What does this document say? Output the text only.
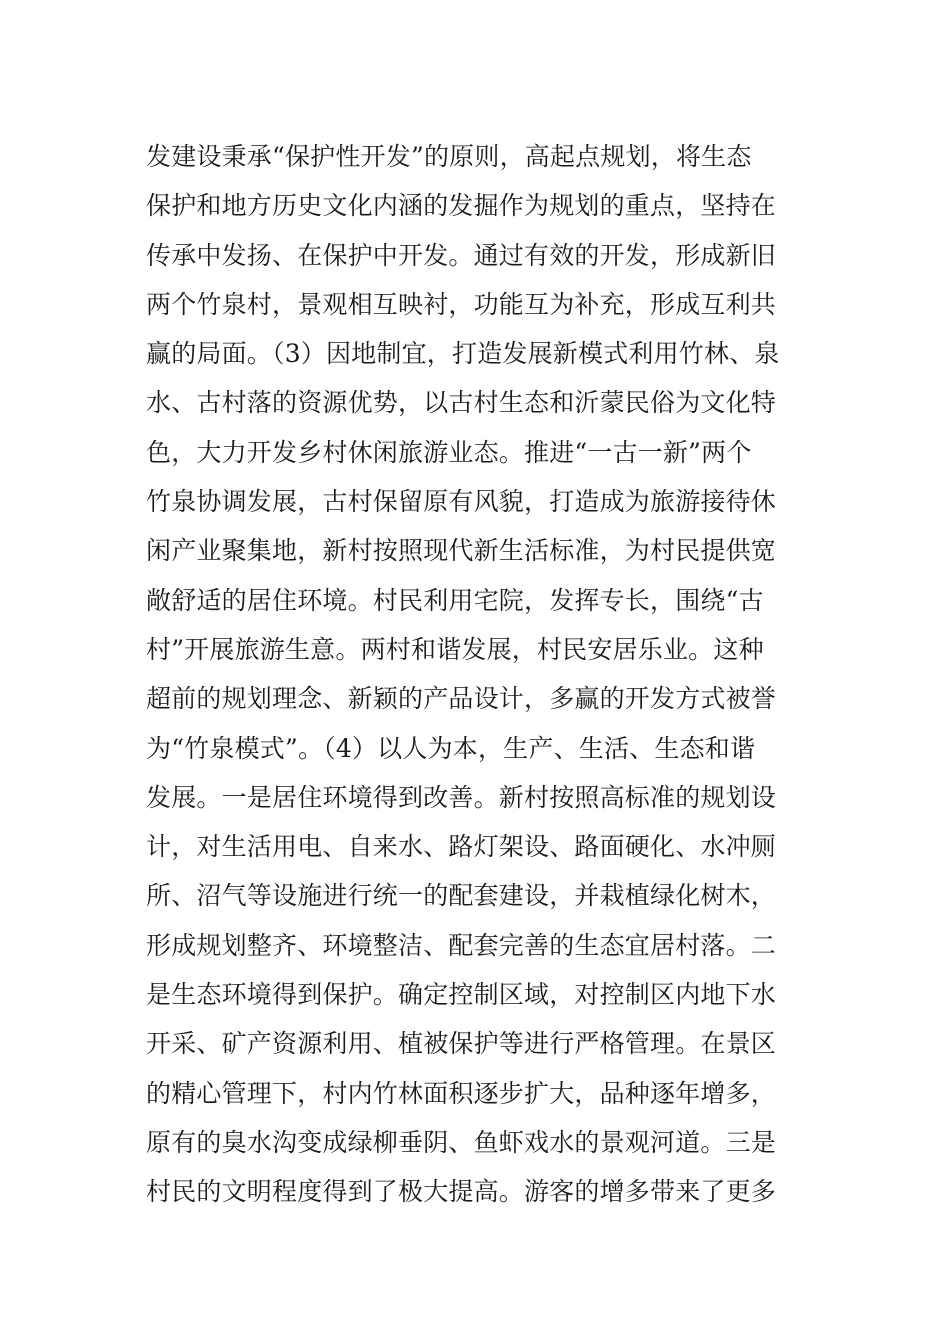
发建设秉承“保护性开发”的原则，高起点规划，将生态
保护和地方历史文化内涵的发掘作为规划的重点，坚持在
传承中发扬、在保护中开发。通过有效的开发，形成新旧
两个竹泉村，景观相互映衬，功能互为补充，形成互利共
赢的局面。（3）因地制宜，打造发展新模式利用竹林、泉
水、古村落的资源优势，以古村生态和沂蒙民俗为文化特
色，大力开发乡村休闲旅游业态。推进“一古一新”两个
竹泉协调发展，古村保留原有风貌，打造成为旅游接待休
闲产业聚集地，新村按照现代新生活标准，为村民提供宽
敞舒适的居住环境。村民利用宅院，发挥专长，围绕“古
村”开展旅游生意。两村和谐发展，村民安居乐业。这种
超前的规划理念、新颖的产品设计，多赢的开发方式被誉
为“竹泉模式”。（4）以人为本，生产、生活、生态和谐
发展。一是居住环境得到改善。新村按照高标准的规划设
计，对生活用电、自来水、路灯架设、路面硬化、水冲厕
所、沼气等设施进行统一的配套建设，并栽植绿化树木，
形成规划整齐、环境整洁、配套完善的生态宜居村落。二
是生态环境得到保护。确定控制区域，对控制区内地下水
开采、矿产资源利用、植被保护等进行严格管理。在景区
的精心管理下，村内竹林面积逐步扩大，品种逐年增多，
原有的臭水沟变成绿柳垂阴、鱼虾戏水的景观河道。三是
村民的文明程度得到了极大提高。游客的增多带来了更多
